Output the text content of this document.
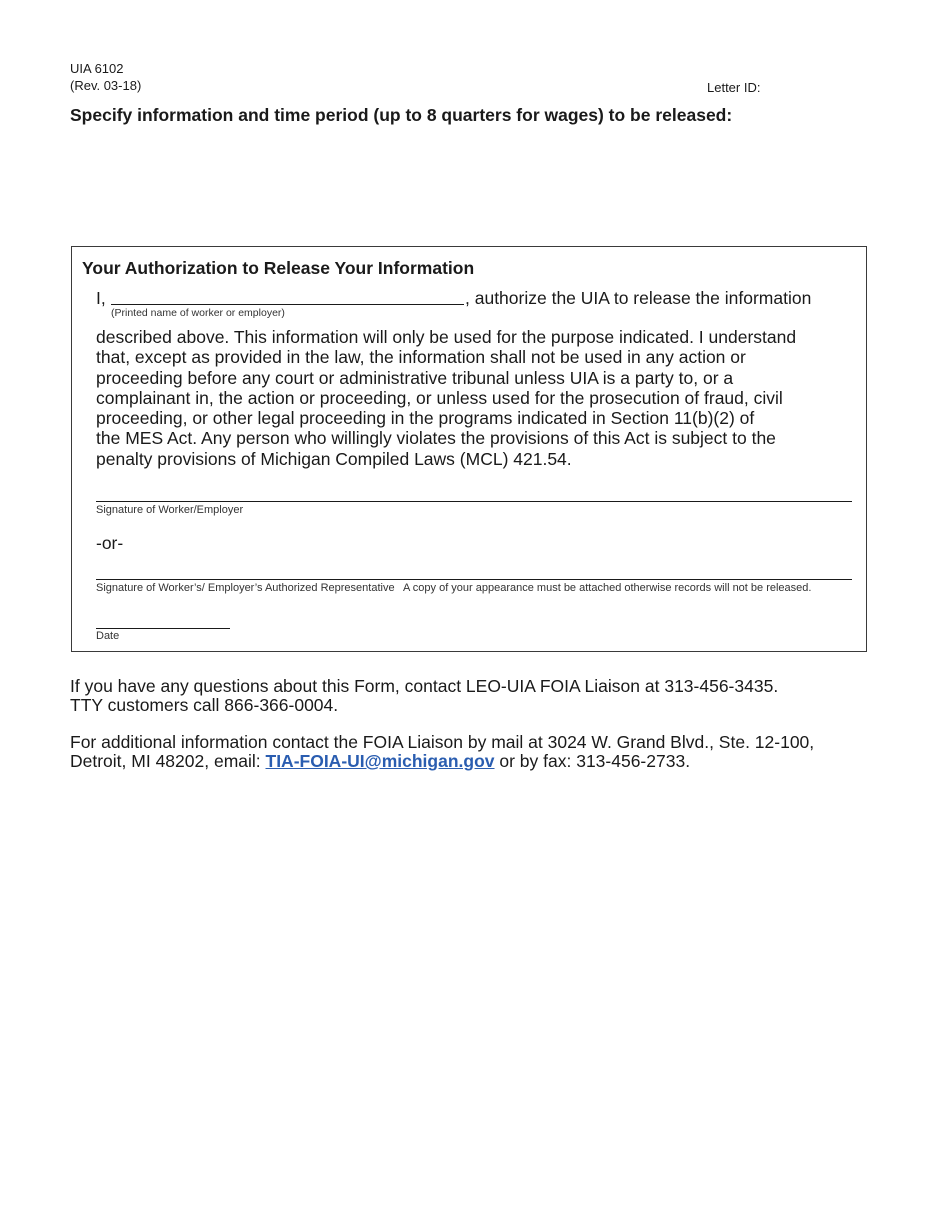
UIA 6102
(Rev. 03-18)	Letter ID:
Specify information and time period (up to 8 quarters for wages) to be released:
Your Authorization to Release Your Information
I,	, authorize the UIA to release the information
(Printed name of worker or employer)
described above. This information will only be used for the purpose indicated. I understand
that, except as provided in the law, the information shall not be used in any action or
proceeding before any court or administrative tribunal unless UIA is a party to, or a
complainant in, the action or proceeding, or unless used for the prosecution of fraud, civil
proceeding, or other legal proceeding in the programs indicated in Section 11(b)(2) of
the MES Act. Any person who willingly violates the provisions of this Act is subject to the
penalty provisions of Michigan Compiled Laws (MCL) 421.54.
Signature of Worker/Employer
-or-
Signature of Worker’s/ Employer’s Authorized Representative A copy of your appearance must be attached otherwise records will not be released.
Date
If you have any questions about this Form, contact LEO-UIA FOIA Liaison at 313-456-3435.
TTY customers call 866-366-0004.
For additional information contact the FOIA Liaison by mail at 3024 W. Grand Blvd., Ste. 12-100,
Detroit, MI 48202, email: TIA-FOIA-UI@michigan.gov or by fax: 313-456-2733.
